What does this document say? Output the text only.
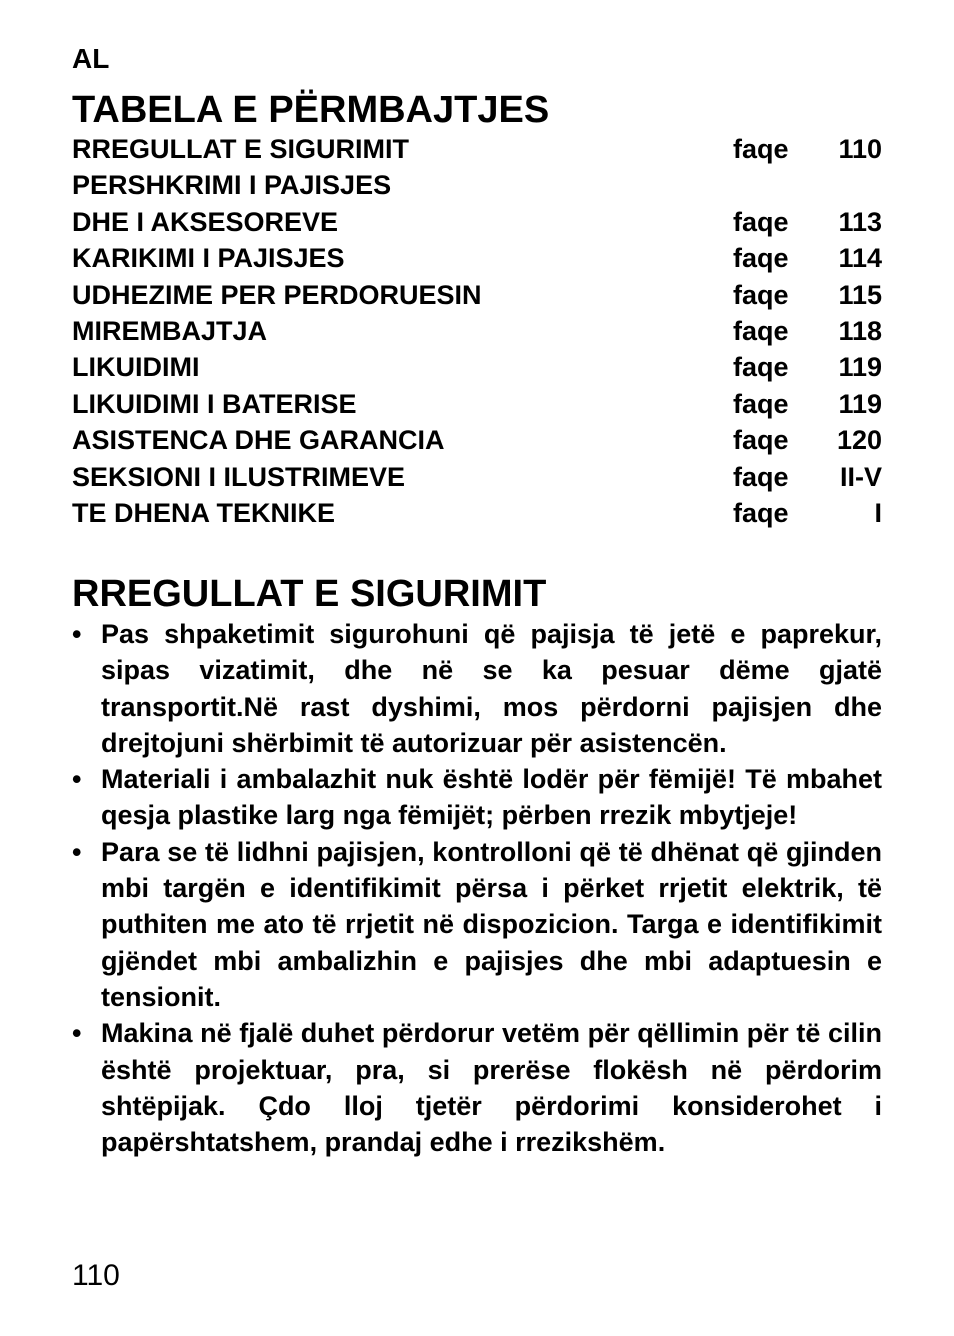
AL
TABELA E PËRMBAJTJES
RREGULLAT E SIGURIMIT	faqe 110
PERSHKRIMI I PAJISJES
DHE I AKSESOREVE	faqe 113
KARIKIMI I PAJISJES	faqe 114
UDHEZIME PER PERDORUESIN	faqe 115
MIREMBAJTJA	faqe 118
LIKUIDIMI	faqe 119
LIKUIDIMI I BATERISE	faqe 119
ASISTENCA DHE GARANCIA	faqe 120
SEKSIONI I ILUSTRIMEVE	faqe II-V
TE DHENA TEKNIKE	faqe	I
RREGULLAT E SIGURIMIT
• Pas shpaketimit sigurohuni që pajisja të jetë e paprekur, sipas vizatimit, dhe në se ka pesuar dëme gjatë transportit.Në rast dyshimi, mos përdorni pajisjen dhe drejtojuni shërbimit të autorizuar për asistencën.
• Materiali i ambalazhit nuk është lodër për fëmijë! Të mbahet qesja plastike larg nga fëmijët; përben rrezik mbytjeje!
• Para se të lidhni pajisjen, kontrolloni që të dhënat që gjinden mbi targën e identifikimit përsa i përket rrjetit elektrik, të puthiten me ato të rrjetit në dispozicion. Targa e identifikimit gjëndet mbi ambalizhin e pajisjes dhe mbi adaptuesin e tensionit.
• Makina në fjalë duhet përdorur vetëm për qëllimin për të cilin është projektuar, pra, si prerëse flokësh në përdorim shtëpijak. Çdo lloj tjetër përdorimi konsiderohet i papërshtatshem, prandaj edhe i rrezikshëm.
110
